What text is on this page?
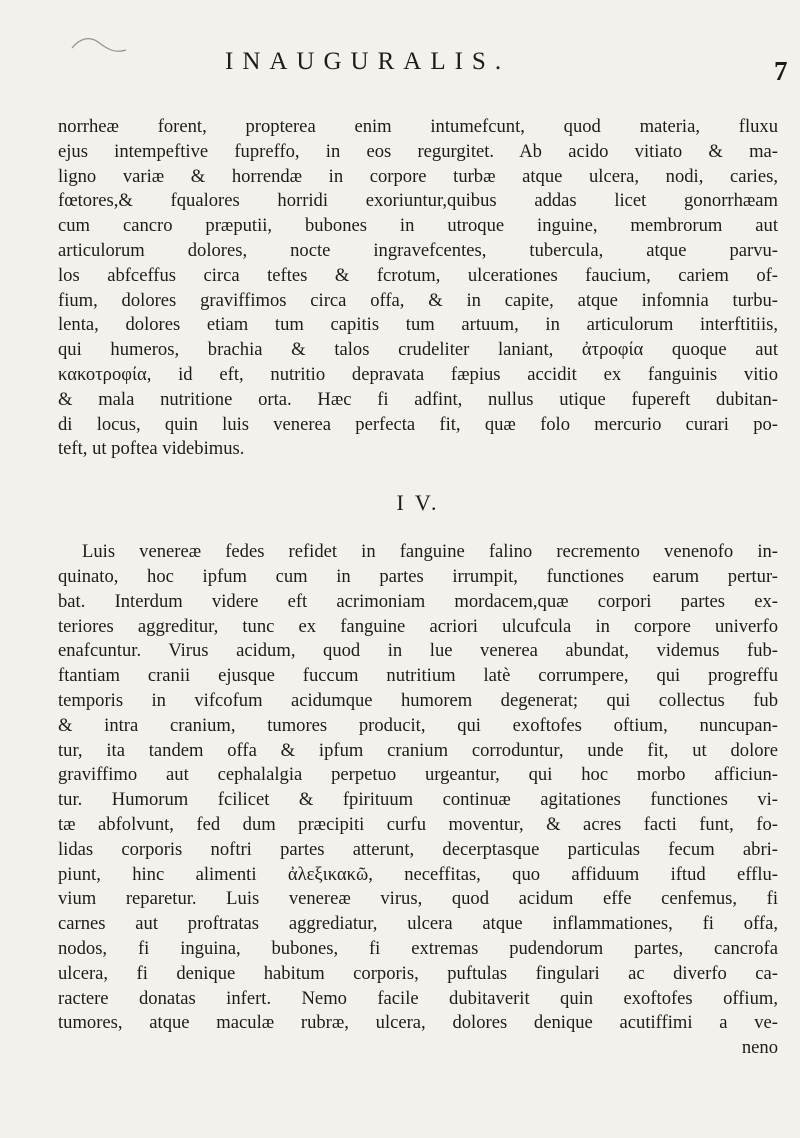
INAUGURALIS.	7
norrheæ forent, propterea enim intumefcunt, quod materia, fluxu
ejus intempeftive fupreffo, in eos regurgitet. Ab acido vitiato & ma-
ligno variæ & horrendæ in corpore turbæ atque ulcera, nodi, caries,
fœtores,& fqualores horridi exoriuntur,quibus addas licet gonorrhæam
cum cancro præputii, bubones in utroque inguine, membrorum aut
articulorum dolores, nocte ingravefcentes, tubercula, atque parvu-
los abfceffus circa teftes & fcrotum, ulcerationes faucium, cariem of-
fium, dolores graviffimos circa offa, & in capite, atque infomnia turbu-
lenta, dolores etiam tum capitis tum artuum, in articulorum interftitiis,
qui humeros, brachia & talos crudeliter laniant, ἀτροφία quoque aut
κακοτροφία, id eft, nutritio depravata fæpius accidit ex fanguinis vitio
& mala nutritione orta. Hæc fi adfint, nullus utique fupereft dubitan-
di locus, quin luis venerea perfecta fit, quæ folo mercurio curari po-
teft, ut poftea videbimus.
I V.
Luis venereæ fedes refidet in fanguine falino recremento venenofo in-
quinato, hoc ipfum cum in partes irrumpit, functiones earum pertur-
bat. Interdum videre eft acrimoniam mordacem,quæ corpori partes ex-
teriores aggreditur, tunc ex fanguine acriori ulcufcula in corpore univerfo
enafcuntur. Virus acidum, quod in lue venerea abundat, videmus fub-
ftantiam cranii ejusque fuccum nutritium latè corrumpere, qui progreffu
temporis in vifcofum acidumque humorem degenerat; qui collectus fub
& intra cranium, tumores producit, qui exoftofes oftium, nuncupan-
tur, ita tandem offa & ipfum cranium corroduntur, unde fit, ut dolore
graviffimo aut cephalalgia perpetuo urgeantur, qui hoc morbo afficiun-
tur. Humorum fcilicet & fpirituum continuæ agitationes functiones vi-
tæ abfolvunt, fed dum præcipiti curfu moventur, & acres facti funt, fo-
lidas corporis noftri partes atterunt, decerptasque particulas fecum abri-
piunt, hinc alimenti ἀλεξικακῶ, neceffitas, quo affiduum iftud efflu-
vium reparetur. Luis venereæ virus, quod acidum effe cenfemus, fi
carnes aut proftratas aggrediatur, ulcera atque inflammationes, fi offa,
nodos, fi inguina, bubones, fi extremas pudendorum partes, cancrofa
ulcera, fi denique habitum corporis, puftulas fingulari ac diverfo ca-
ractere donatas infert. Nemo facile dubitaverit quin exoftofes offium,
tumores, atque maculæ rubræ, ulcera, dolores denique acutiffimi a ve-
neno
